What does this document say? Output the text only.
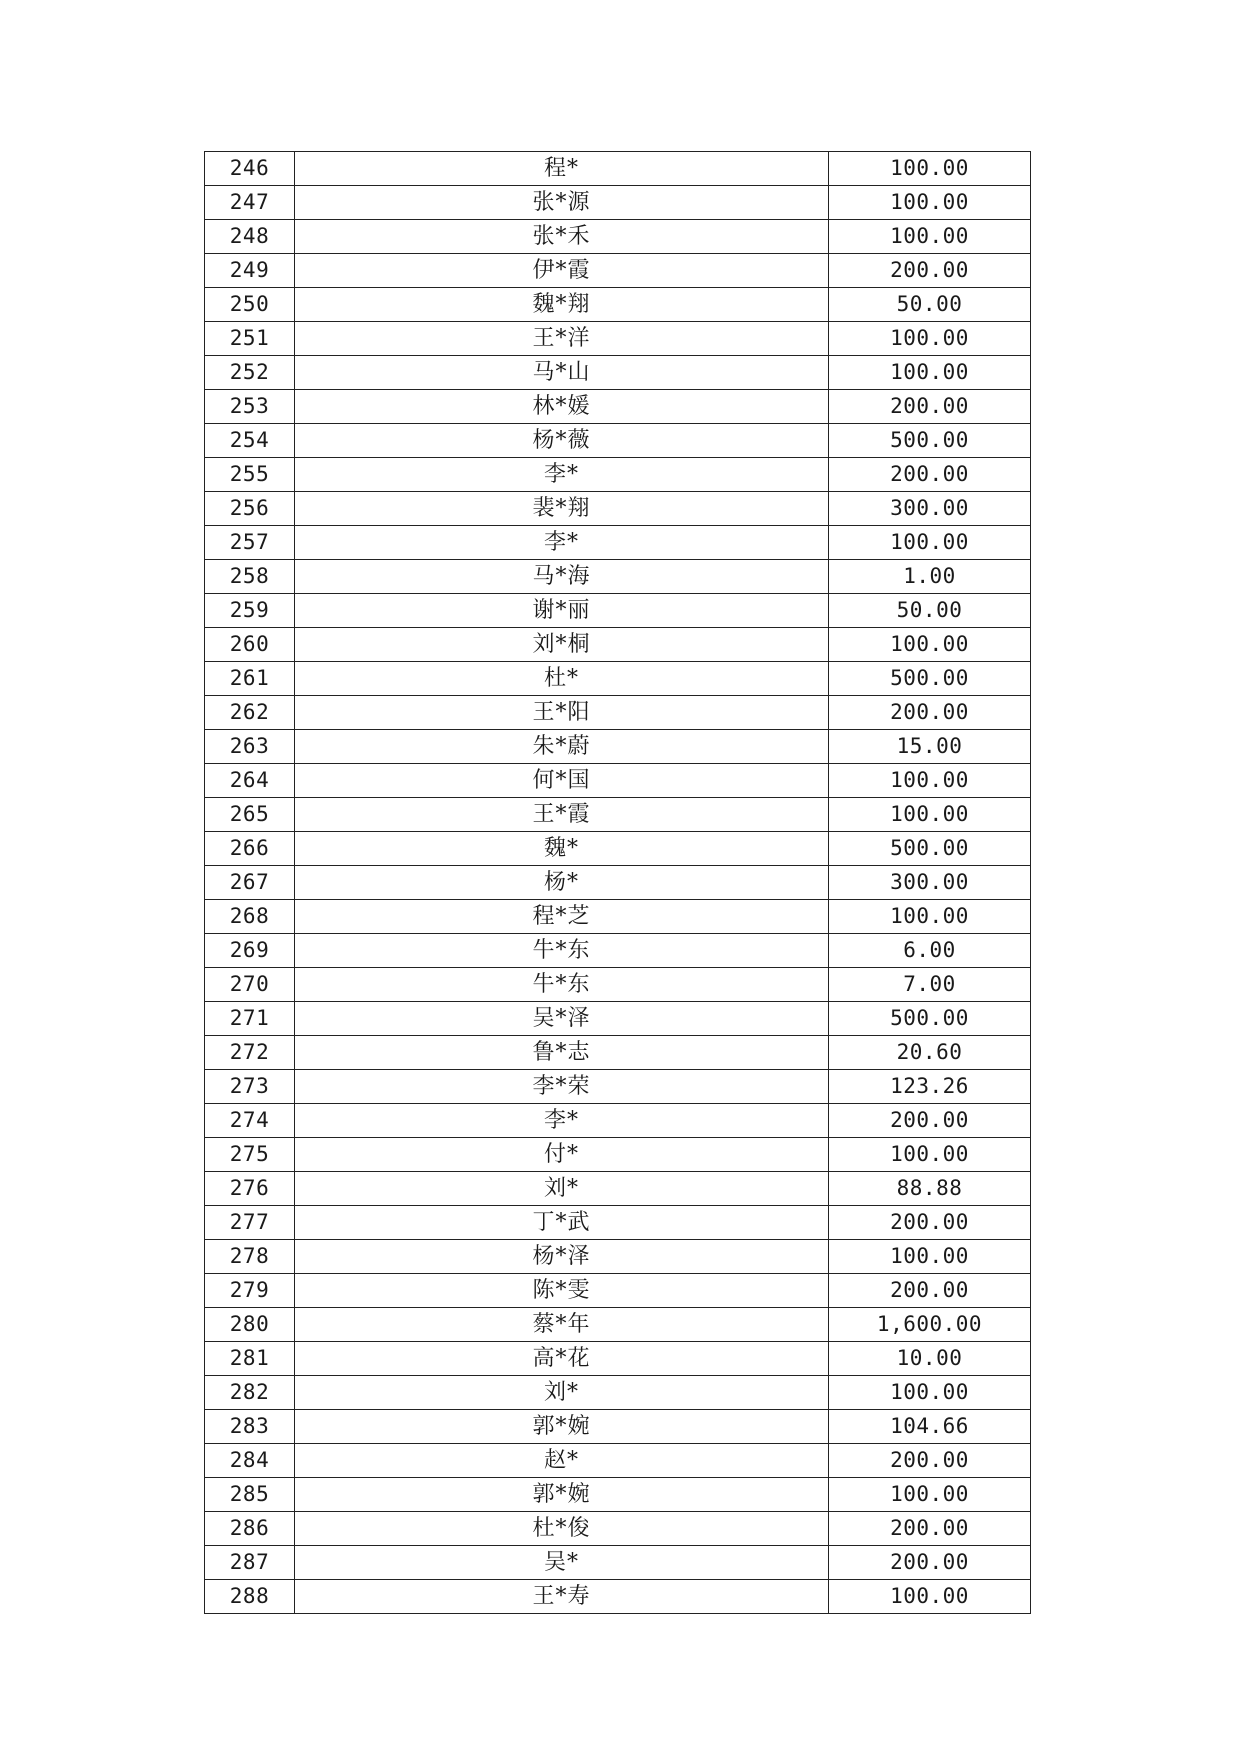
246	程*	100.00
247	张*源	100.00
248	张*禾	100.00
249	伊*霞	200.00
250	魏*翔	50.00
251	王*洋	100.00
252	马*山	100.00
253	林*媛	200.00
254	杨*薇	500.00
255	李*	200.00
256	裴*翔	300.00
257	李*	100.00
258	马*海	1.00
259	谢*丽	50.00
260	刘*桐	100.00
261	杜*	500.00
262	王*阳	200.00
263	朱*蔚	15.00
264	何*国	100.00
265	王*霞	100.00
266	魏*	500.00
267	杨*	300.00
268	程*芝	100.00
269	牛*东	6.00
270	牛*东	7.00
271	吴*泽	500.00
272	鲁*志	20.60
273	李*荣	123.26
274	李*	200.00
275	付*	100.00
276	刘*	88.88
277	丁*武	200.00
278	杨*泽	100.00
279	陈*雯	200.00
280	蔡*年	1,600.00
281	高*花	10.00
282	刘*	100.00
283	郭*婉	104.66
284	赵*	200.00
285	郭*婉	100.00
286	杜*俊	200.00
287	吴*	200.00
288	王*寿	100.00
